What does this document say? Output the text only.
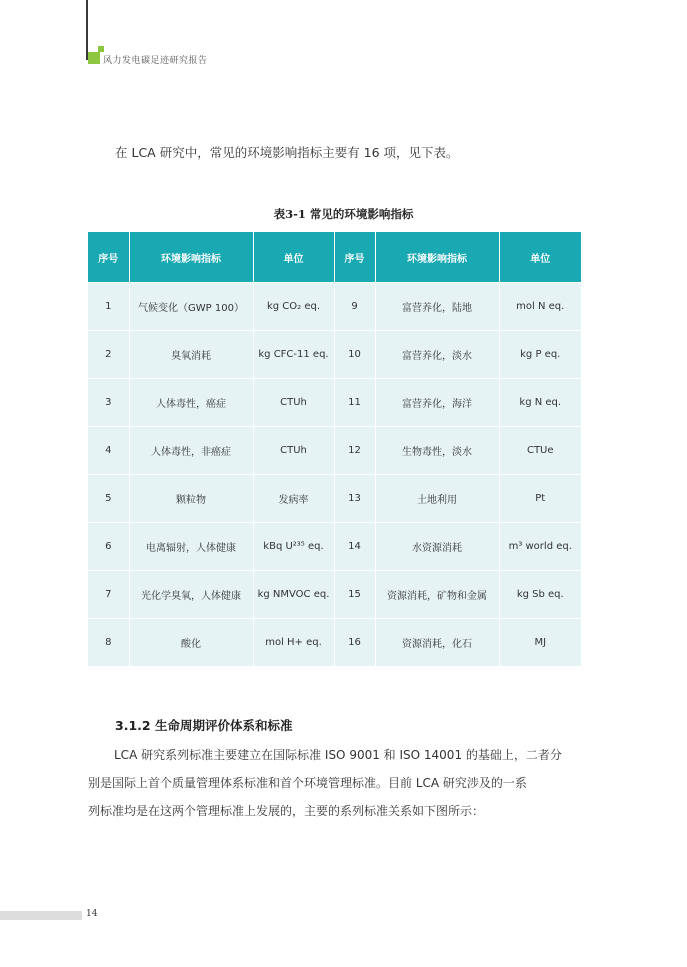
风力发电碳足迹研究报告
在 LCA 研究中，常见的环境影响指标主要有 16 项，见下表。
表3-1 常见的环境影响指标
序号	环境影响指标	单位	序号	环境影响指标	单位
1	气候变化（GWP 100）	kg CO₂ eq.	9	富营养化，陆地	mol N eq.
2	臭氧消耗	kg CFC-11 eq.	10	富营养化，淡水	kg P eq.
3	人体毒性，癌症	CTUh	11	富营养化，海洋	kg N eq.
4	人体毒性，非癌症	CTUh	12	生物毒性，淡水	CTUe
5	颗粒物	发病率	13	土地利用	Pt
6	电离辐射，人体健康	kBq U²³⁵ eq.	14	水资源消耗	m³ world eq.
7	光化学臭氧，人体健康	kg NMVOC eq.	15	资源消耗，矿物和金属	kg Sb eq.
8	酸化	mol H+ eq.	16	资源消耗，化石	MJ
3.1.2 生命周期评价体系和标准
LCA 研究系列标准主要建立在国际标准 ISO 9001 和 ISO 14001 的基础上，二者分
别是国际上首个质量管理体系标准和首个环境管理标准。目前 LCA 研究涉及的一系
列标准均是在这两个管理标准上发展的，主要的系列标准关系如下图所示：
14
